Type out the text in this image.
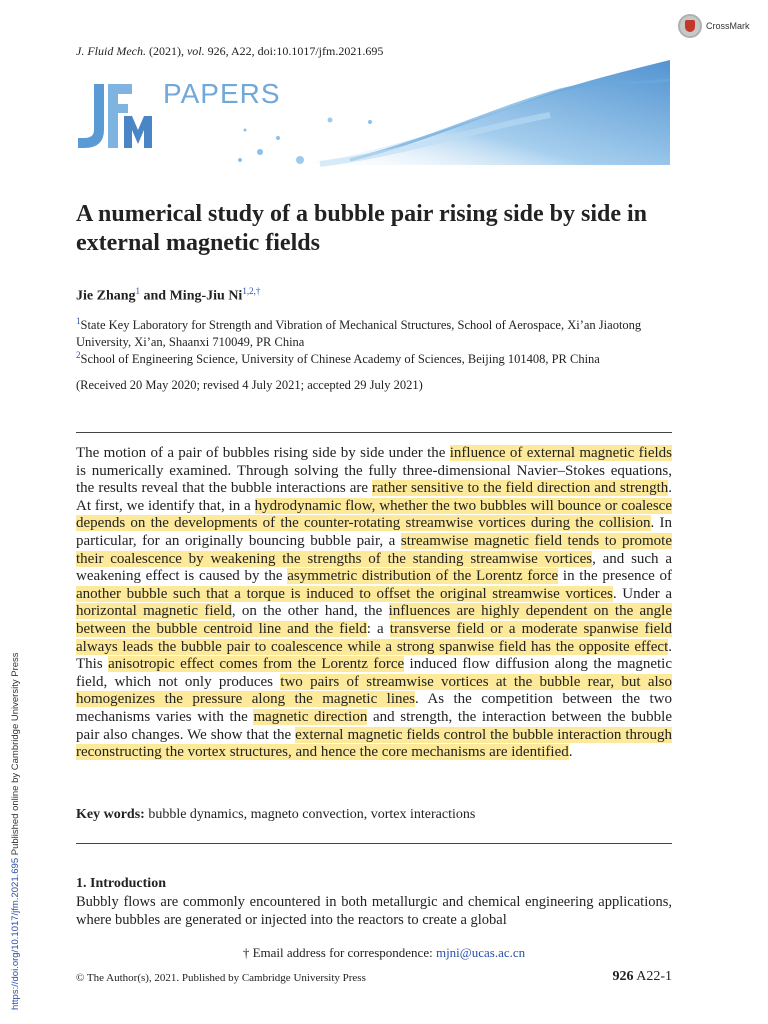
J. Fluid Mech. (2021), vol. 926, A22, doi:10.1017/jfm.2021.695
CrossMark
PAPERS
A numerical study of a bubble pair rising side by side in external magnetic fields
Jie Zhang$^1$ and Ming-Jiu $Ni^{1,2,\dagger}$
$^1$State Key Laboratory for Strength and Vibration of Mechanical Structures, School of Aerospace, Xi’an Jiaotong University, Xi’an, Shaanxi 710049, PR China
$^2$School of Engineering Science, University of Chinese Academy of Sciences, Beijing 101408, PR China
(Received 20 May 2020; revised 4 July 2021; accepted 29 July 2021)
The motion of a pair of bubbles rising side by side under the influence of external magnetic fields is numerically examined. Through solving the fully three-dimensional Navier–Stokes equations, the results reveal that the bubble interactions are rather sensitive to the field direction and strength. At first, we identify that, in a hydrodynamic flow, whether the two bubbles will bounce or coalesce depends on the developments of the counter-rotating streamwise vortices during the collision. In particular, for an originally bouncing bubble pair, a streamwise magnetic field tends to promote their coalescence by weakening the strengths of the standing streamwise vortices, and such a weakening effect is caused by the asymmetric distribution of the Lorentz force in the presence of another bubble such that a torque is induced to offset the original streamwise vortices. Under a horizontal magnetic field, on the other hand, the influences are highly dependent on the angle between the bubble centroid line and the field: a transverse field or a moderate spanwise field always leads the bubble pair to coalescence while a strong spanwise field has the opposite effect. This anisotropic effect comes from the Lorentz force induced flow diffusion along the magnetic field, which not only produces two pairs of streamwise vortices at the bubble rear, but also homogenizes the pressure along the magnetic lines. As the competition between the two mechanisms varies with the magnetic direction and strength, the interaction between the bubble pair also changes. We show that the external magnetic fields control the bubble interaction through reconstructing the vortex structures, and hence the core mechanisms are identified.
Key words: bubble dynamics, magneto convection, vortex interactions
1. Introduction
Bubbly flows are commonly encountered in both metallurgic and chemical engineering applications, where bubbles are generated or injected into the reactors to create a global
† Email address for correspondence: mjni@ucas.ac.cn
© The Author(s), 2021. Published by Cambridge University Press	926 A22-1
https://doi.org/10.1017/jfm.2021.695 Published online by Cambridge University Press
